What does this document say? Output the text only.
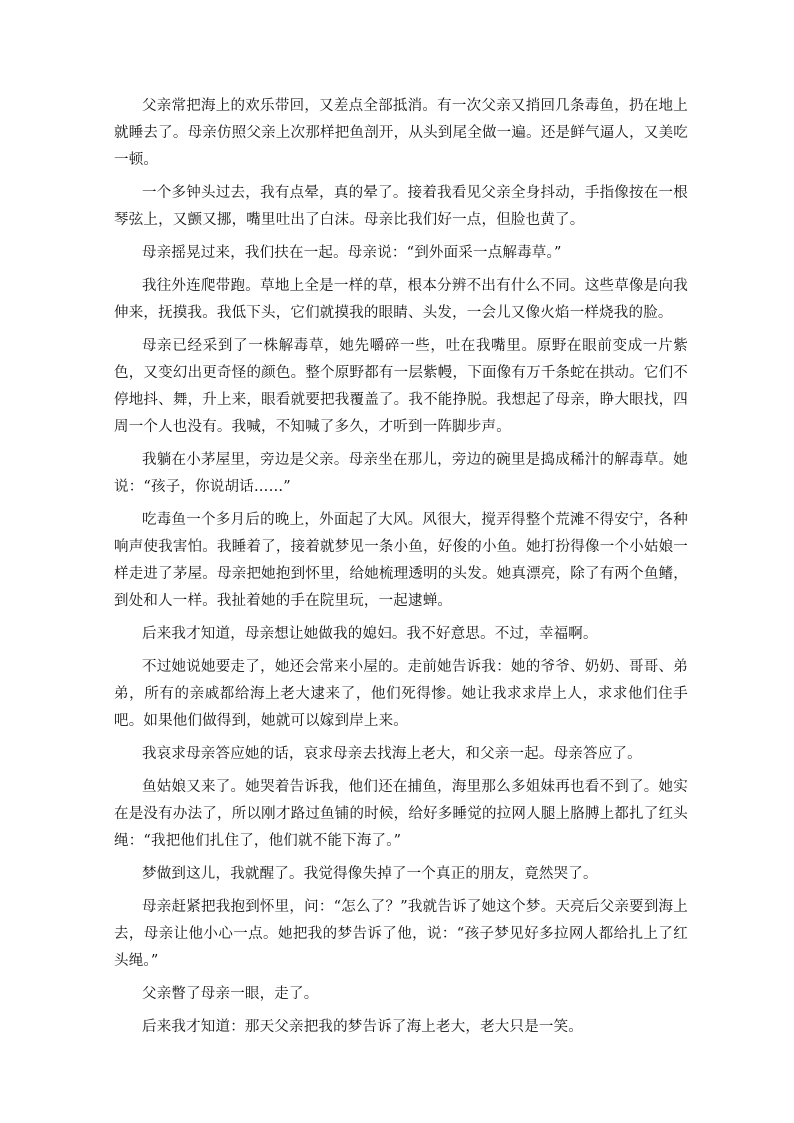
父亲常把海上的欢乐带回，又差点全部抵消。有一次父亲又捎回几条毒鱼，扔在地上就睡去了。母亲仿照父亲上次那样把鱼剖开，从头到尾全做一遍。还是鲜气逼人，又美吃一顿。

一个多钟头过去，我有点晕，真的晕了。接着我看见父亲全身抖动，手指像按在一根琴弦上，又颤又挪，嘴里吐出了白沫。母亲比我们好一点，但脸也黄了。

母亲摇晃过来，我们扶在一起。母亲说：“到外面采一点解毒草。”

我往外连爬带跑。草地上全是一样的草，根本分辨不出有什么不同。这些草像是向我伸来，抚摸我。我低下头，它们就摸我的眼睛、头发，一会儿又像火焰一样烧我的脸。

母亲已经采到了一株解毒草，她先嚼碎一些，吐在我嘴里。原野在眼前变成一片紫色，又变幻出更奇怪的颜色。整个原野都有一层紫幔，下面像有万千条蛇在拱动。它们不停地抖、舞，升上来，眼看就要把我覆盖了。我不能挣脱。我想起了母亲，睁大眼找，四周一个人也没有。我喊，不知喊了多久，才听到一阵脚步声。

我躺在小茅屋里，旁边是父亲。母亲坐在那儿，旁边的碗里是捣成稀汁的解毒草。她说：“孩子，你说胡话……”

吃毒鱼一个多月后的晚上，外面起了大风。风很大，搅弄得整个荒滩不得安宁，各种响声使我害怕。我睡着了，接着就梦见一条小鱼，好俊的小鱼。她打扮得像一个小姑娘一样走进了茅屋。母亲把她抱到怀里，给她梳理透明的头发。她真漂亮，除了有两个鱼鳍，到处和人一样。我扯着她的手在院里玩，一起逮蝉。

后来我才知道，母亲想让她做我的媳妇。我不好意思。不过，幸福啊。

不过她说她要走了，她还会常来小屋的。走前她告诉我：她的爷爷、奶奶、哥哥、弟弟，所有的亲戚都给海上老大逮来了，他们死得惨。她让我求求岸上人，求求他们住手吧。如果他们做得到，她就可以嫁到岸上来。

我哀求母亲答应她的话，哀求母亲去找海上老大，和父亲一起。母亲答应了。

鱼姑娘又来了。她哭着告诉我，他们还在捕鱼，海里那么多姐妹再也看不到了。她实在是没有办法了，所以刚才路过鱼铺的时候，给好多睡觉的拉网人腿上胳膊上都扎了红头绳：“我把他们扎住了，他们就不能下海了。”

梦做到这儿，我就醒了。我觉得像失掉了一个真正的朋友，竟然哭了。

母亲赶紧把我抱到怀里，问：“怎么了？”我就告诉了她这个梦。天亮后父亲要到海上去，母亲让他小心一点。她把我的梦告诉了他，说：“孩子梦见好多拉网人都给扎上了红头绳。”

父亲瞥了母亲一眼，走了。

后来我才知道：那天父亲把我的梦告诉了海上老大，老大只是一笑。
